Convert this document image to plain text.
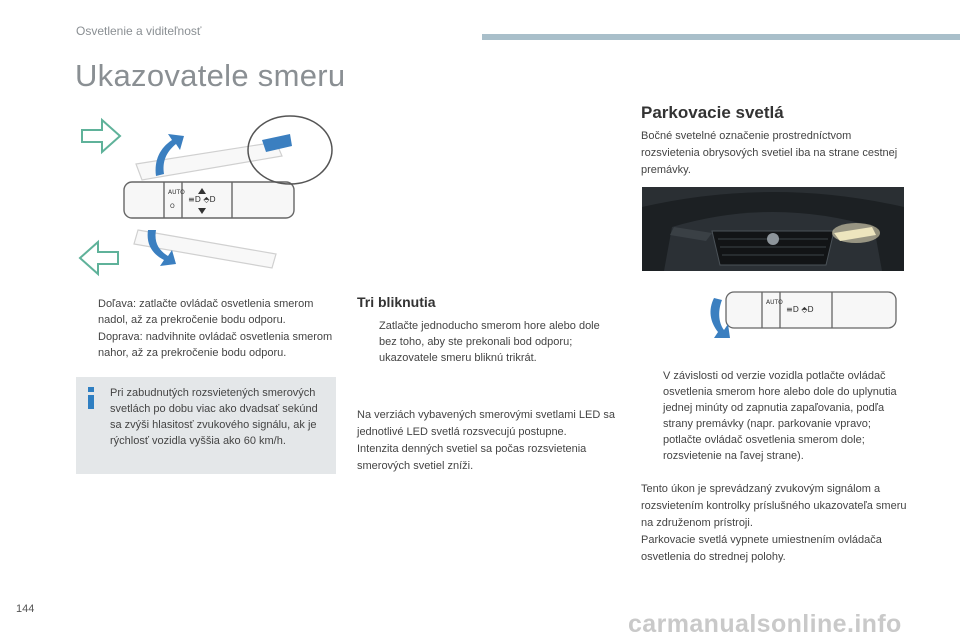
Osvetlenie a viditeľnosť
Ukazovatele smeru
AUTO
O
≡D ⬘D
Doľava: zatlačte ovládač osvetlenia smerom nadol, až za prekročenie bodu odporu.
Doprava: nadvihnite ovládač osvetlenia smerom nahor, až za prekročenie bodu odporu.
Pri zabudnutých rozsvietených smerových svetlách po dobu viac ako dvadsať sekúnd sa zvýši hlasitosť zvukového signálu, ak je rýchlosť vozidla vyššia ako 60 km/h.
Tri bliknutia
Zatlačte jednoducho smerom hore alebo dole bez toho, aby ste prekonali bod odporu; ukazovatele smeru bliknú trikrát.
Na verziách vybavených smerovými svetlami LED sa jednotlivé LED svetlá rozsvecujú postupne.
Intenzita denných svetiel sa počas rozsvietenia smerových svetiel zníži.
Parkovacie svetlá
Bočné svetelné označenie prostredníctvom rozsvietenia obrysových svetiel iba na strane cestnej premávky.
AUTO
≡D ⬘D
V závislosti od verzie vozidla potlačte ovládač osvetlenia smerom hore alebo dole do uplynutia jednej minúty od zapnutia zapaľovania, podľa strany premávky (napr. parkovanie vpravo; potlačte ovládač osvetlenia smerom dole; rozsvietenie na ľavej strane).
Tento úkon je sprevádzaný zvukovým signálom a rozsvietením kontrolky príslušného ukazovateľa smeru na združenom prístroji.
Parkovacie svetlá vypnete umiestnením ovládača osvetlenia do strednej polohy.
144
carmanualsonline.info
